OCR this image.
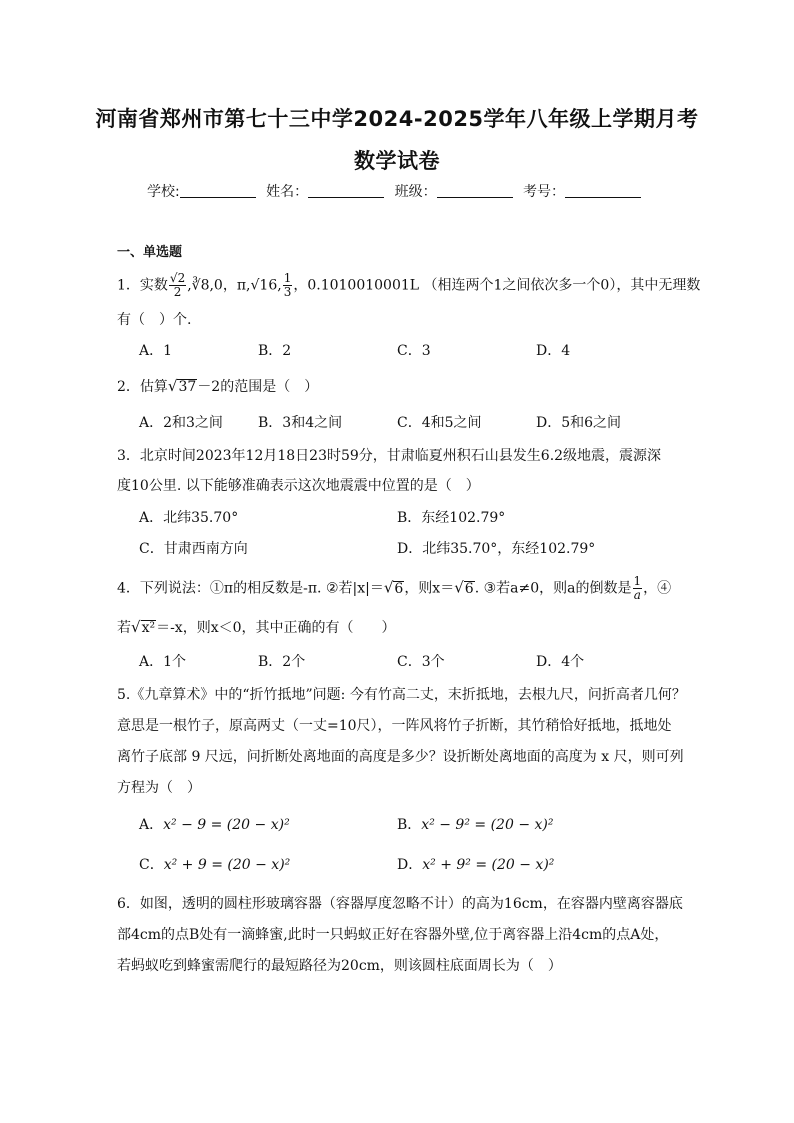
河南省郑州市第七十三中学2024-2025学年八年级上学期月考
数学试卷
学校:	姓名：	班级：	考号：
一、单选题
1．实数 $\frac{√2}{2}$ ,∛8,0，π,√16, $\frac{1}{3}$ ，0.1010010001L （相连两个1之间依次多一个0），其中无理数
有（　）个.
A．1	B．2	C．3	D．4
2．估算√37－2的范围是（　）
A．2和3之间	B．3和4之间	C．4和5之间	D．5和6之间
3．北京时间2023年12月18日23时59分，甘肃临夏州积石山县发生6.2级地震，震源深
度10公里. 以下能够准确表示这次地震震中位置的是（　）
A．北纬35.70°	B．东经102.79°
C．甘肃西南方向	D．北纬35.70°，东经102.79°
4．下列说法：①π的相反数是-π. ②若|x|＝√6，则x＝√6. ③若a≠0，则a的倒数是 $\frac{1}{a}$ ，④
若√x²＝-x，则x＜0，其中正确的有（　　）
A．1个	B．2个	C．3个	D．4个
5.《九章算术》中的“折竹抵地”问题: 今有竹高二丈，末折抵地，去根九尺，问折高者几何？
意思是一根竹子，原高两丈（一丈=10尺），一阵风将竹子折断，其竹稍恰好抵地，抵地处
离竹子底部 9 尺远，问折断处离地面的高度是多少？设折断处离地面的高度为 x 尺，则可列
方程为（　）
A．x² − 9 = (20 − x)²	B．x² − 9² = (20 − x)²
C．x² + 9 = (20 − x)²	D．x² + 9² = (20 − x)²
6．如图，透明的圆柱形玻璃容器（容器厚度忽略不计）的高为16cm，在容器内壁离容器底
部4cm的点B处有一滴蜂蜜,此时一只蚂蚁正好在容器外壁,位于离容器上沿4cm的点A处，
若蚂蚁吃到蜂蜜需爬行的最短路径为20cm，则该圆柱底面周长为（　）
